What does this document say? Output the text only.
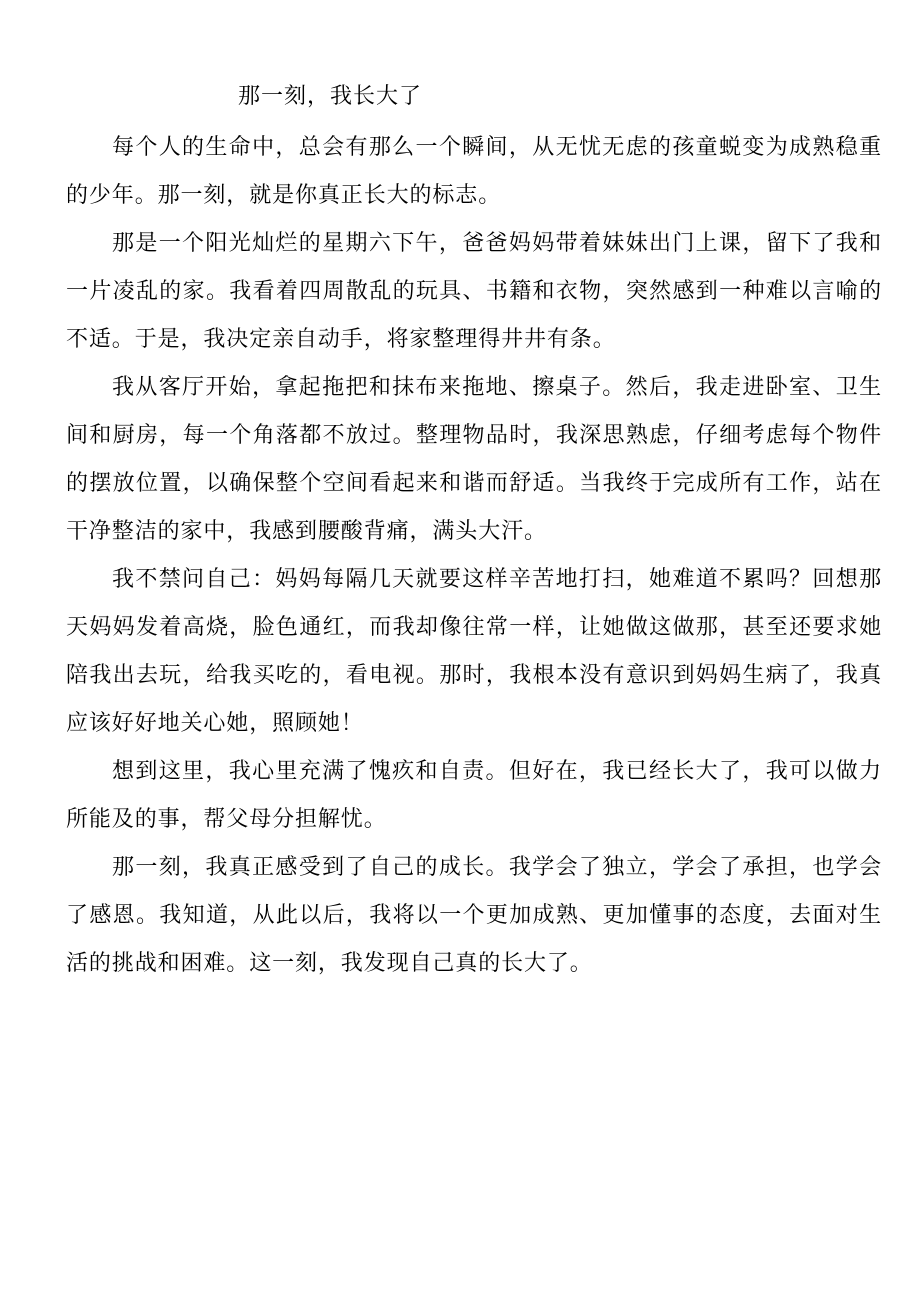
那一刻，我长大了

每个人的生命中，总会有那么一个瞬间，从无忧无虑的孩童蜕变为成熟稳重的少年。那一刻，就是你真正长大的标志。

那是一个阳光灿烂的星期六下午，爸爸妈妈带着妹妹出门上课，留下了我和一片凌乱的家。我看着四周散乱的玩具、书籍和衣物，突然感到一种难以言喻的不适。于是，我决定亲自动手，将家整理得井井有条。

我从客厅开始，拿起拖把和抹布来拖地、擦桌子。然后，我走进卧室、卫生间和厨房，每一个角落都不放过。整理物品时，我深思熟虑，仔细考虑每个物件的摆放位置，以确保整个空间看起来和谐而舒适。当我终于完成所有工作，站在干净整洁的家中，我感到腰酸背痛，满头大汗。

我不禁问自己：妈妈每隔几天就要这样辛苦地打扫，她难道不累吗？回想那天妈妈发着高烧，脸色通红，而我却像往常一样，让她做这做那，甚至还要求她陪我出去玩，给我买吃的，看电视。那时，我根本没有意识到妈妈生病了，我真应该好好地关心她，照顾她！

想到这里，我心里充满了愧疚和自责。但好在，我已经长大了，我可以做力所能及的事，帮父母分担解忧。

那一刻，我真正感受到了自己的成长。我学会了独立，学会了承担，也学会了感恩。我知道，从此以后，我将以一个更加成熟、更加懂事的态度，去面对生活的挑战和困难。这一刻，我发现自己真的长大了。
